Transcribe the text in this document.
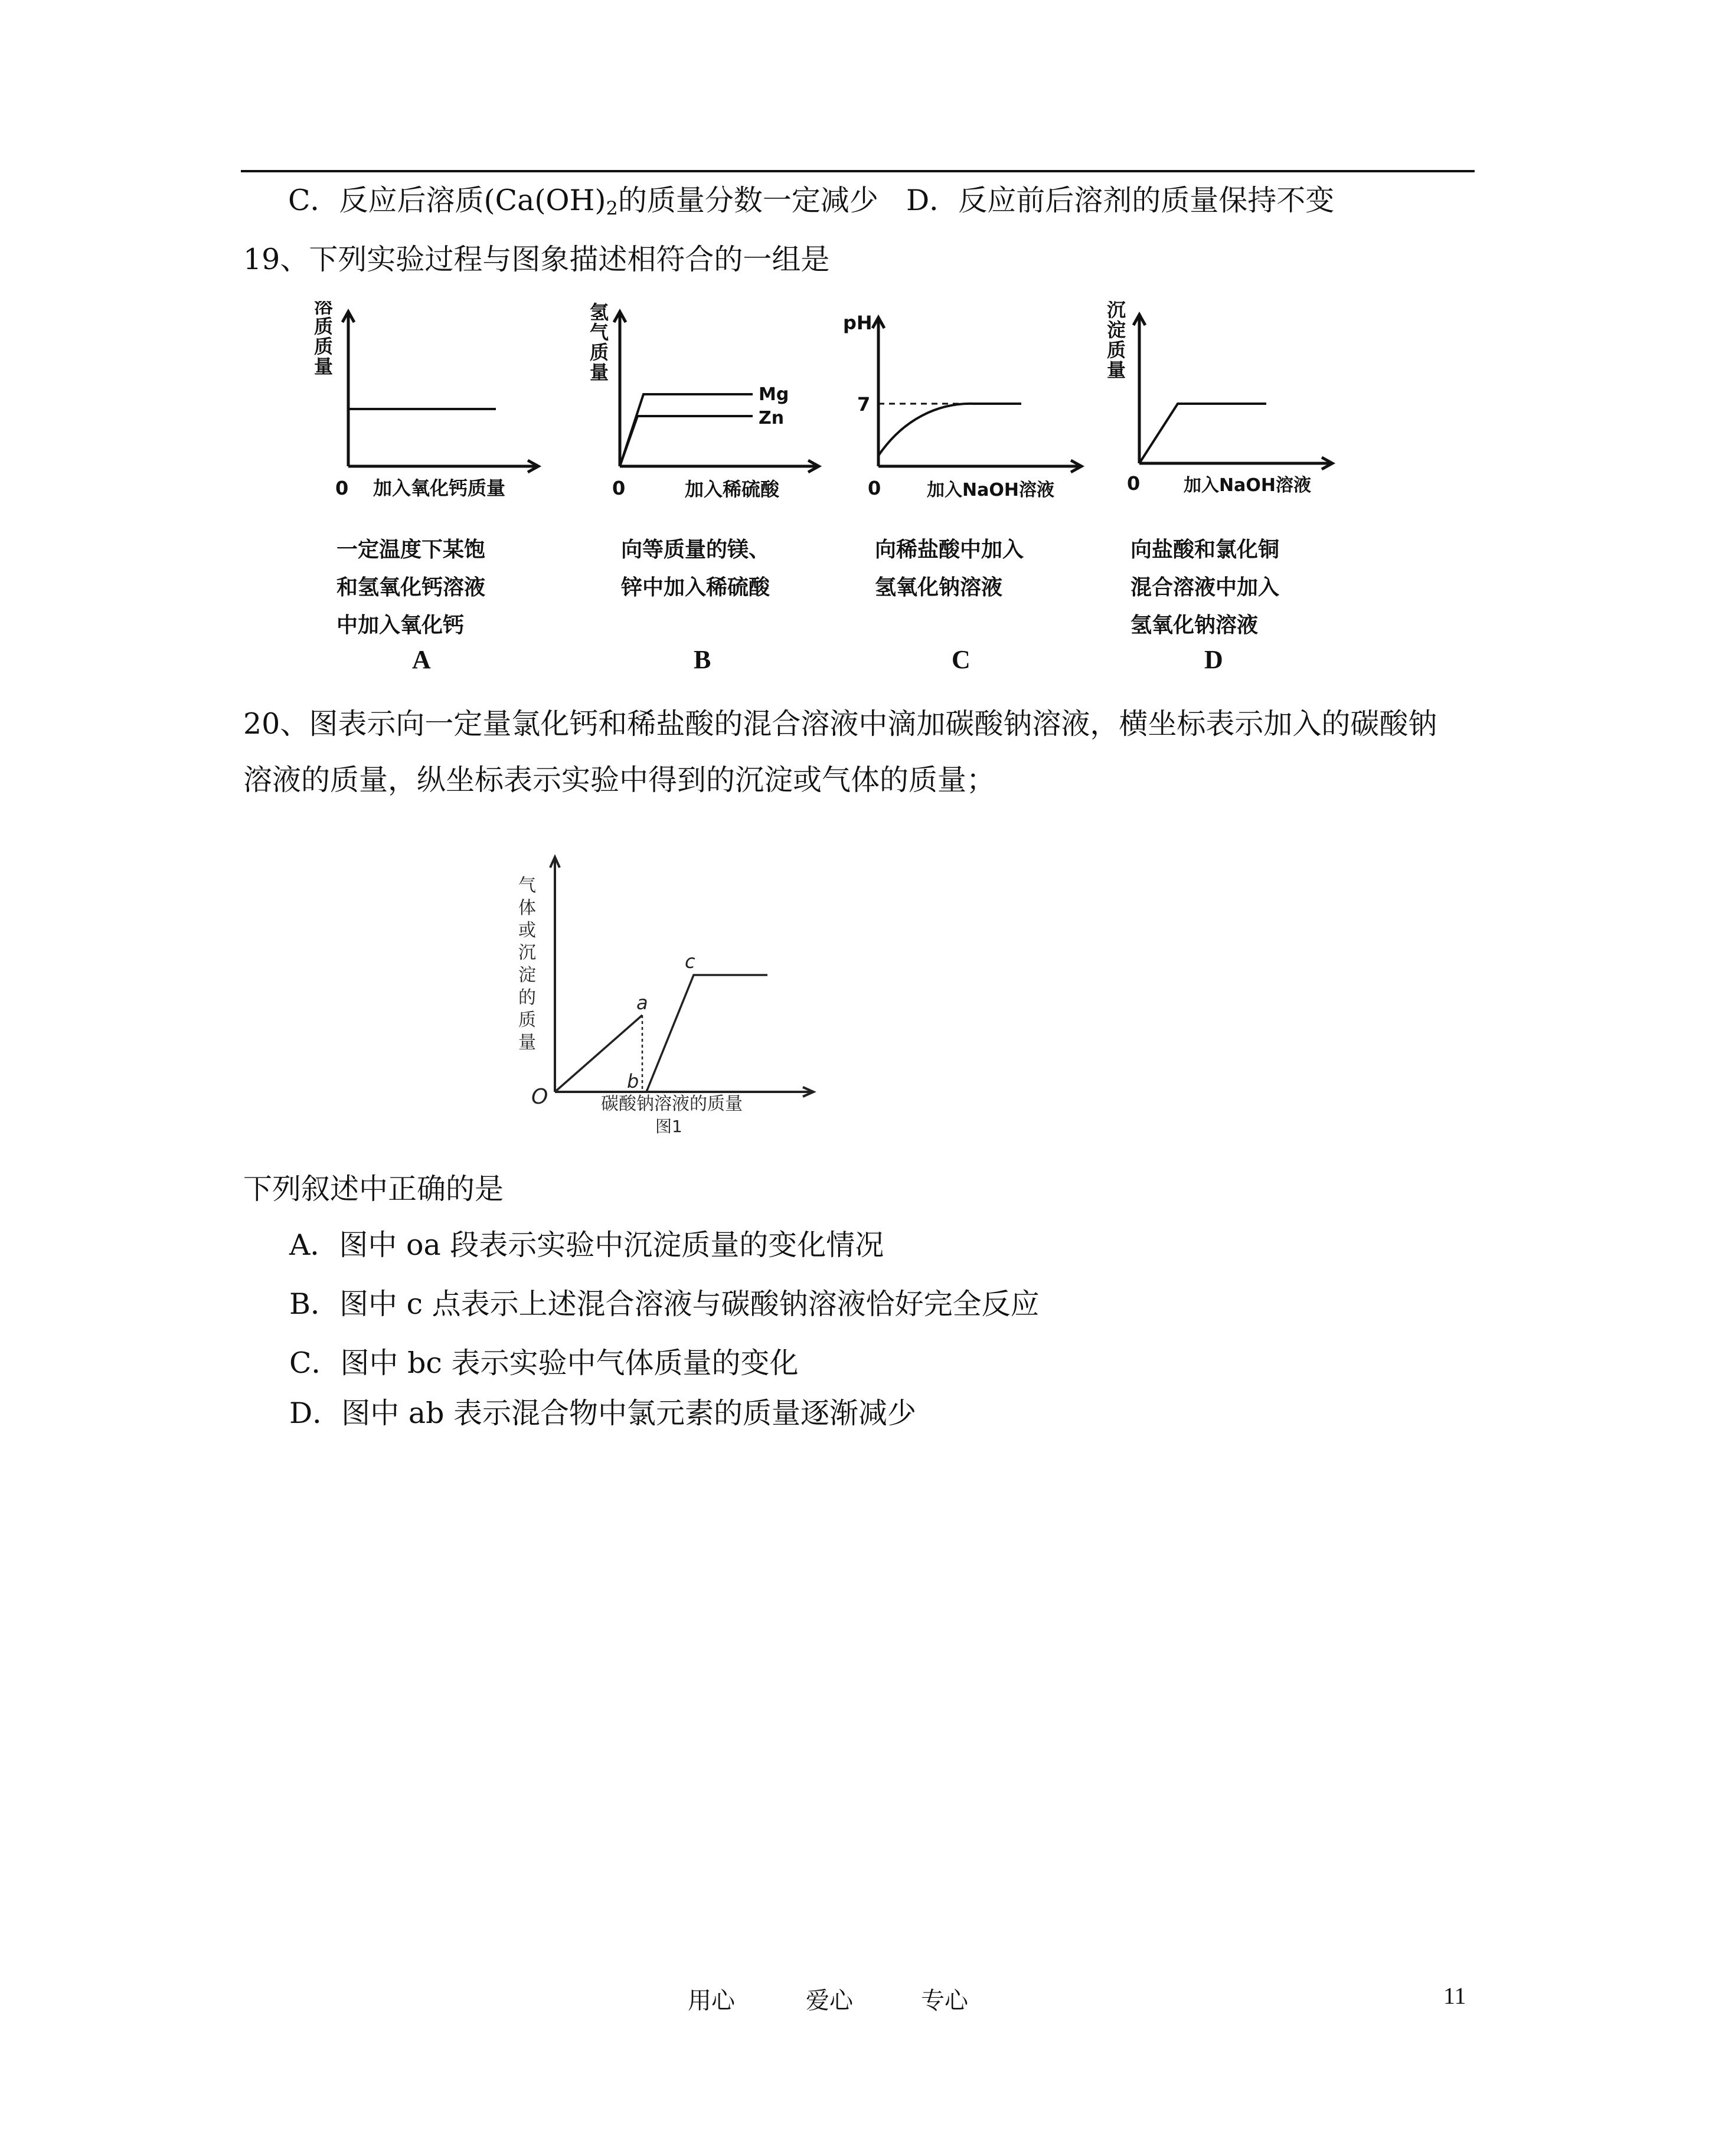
C．反应后溶质($Ca(OH)_2$的质量分数一定减少 D．反应前后溶剂的质量保持不变
19、下列实验过程与图象描述相符合的一组是
溶质质量
0 加入氧化钙质量
一定温度下某饱
和氢氧化钙溶液
中加入氧化钙
A
氢气质量
Mg
Zn
0	加入稀硫酸
向等质量的镁、
锌中加入稀硫酸
B
pH
7
0	加入NaOH溶液
向稀盐酸中加入
氢氧化钠溶液
C
沉淀质量
0 加入NaOH溶液
向盐酸和氯化铜
混合溶液中加入
氢氧化钠溶液
D
20、图表示向一定量氯化钙和稀盐酸的混合溶液中滴加碳酸钠溶液，横坐标表示加入的碳酸钠
溶液的质量，纵坐标表示实验中得到的沉淀或气体的质量；
气体或沉淀的质量
a
b
c
O	碳酸钠溶液的质量
图1
下列叙述中正确的是
A．图中 oa 段表示实验中沉淀质量的变化情况
B．图中 c 点表示上述混合溶液与碳酸钠溶液恰好完全反应
C．图中 bc 表示实验中气体质量的变化
D．图中 ab 表示混合物中氯元素的质量逐渐减少
用心	爱心	专心	11
